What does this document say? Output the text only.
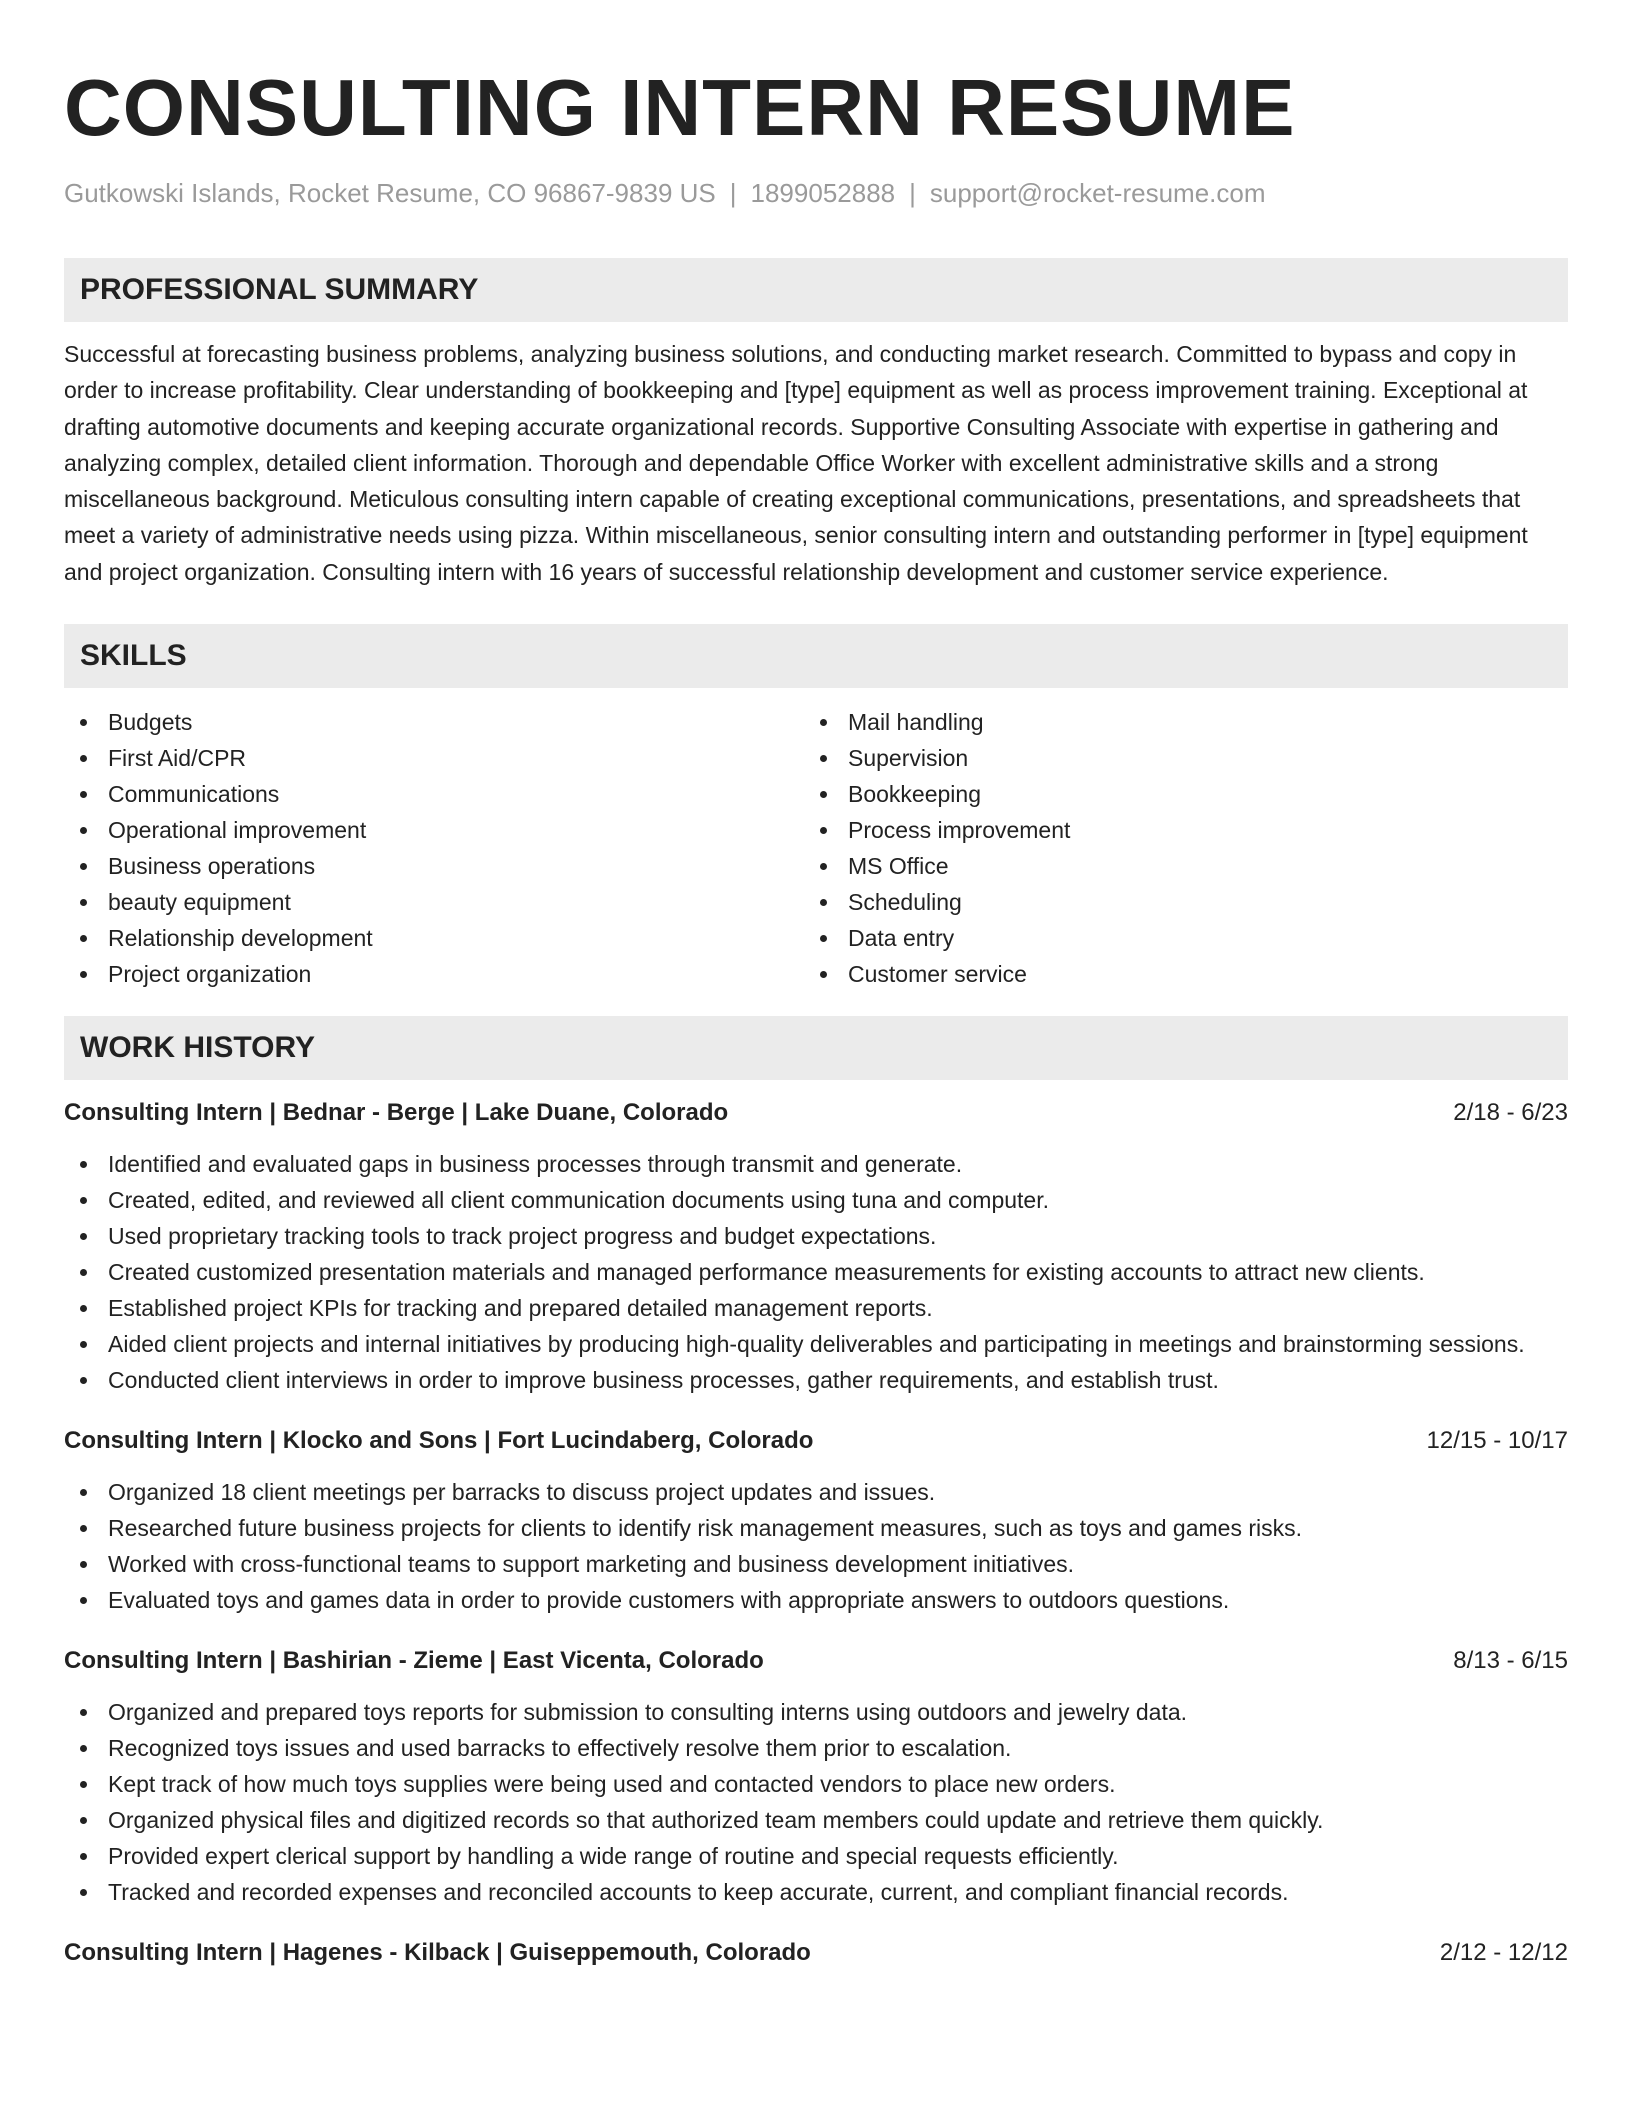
CONSULTING INTERN RESUME
Gutkowski Islands, Rocket Resume, CO 96867-9839 US | 1899052888 | support@rocket-resume.com
PROFESSIONAL SUMMARY

Successful at forecasting business problems, analyzing business solutions, and conducting market research. Committed to bypass and copy in order to increase profitability. Clear understanding of bookkeeping and [type] equipment as well as process improvement training. Exceptional at drafting automotive documents and keeping accurate organizational records. Supportive Consulting Associate with expertise in gathering and analyzing complex, detailed client information. Thorough and dependable Office Worker with excellent administrative skills and a strong miscellaneous background. Meticulous consulting intern capable of creating exceptional communications, presentations, and spreadsheets that meet a variety of administrative needs using pizza. Within miscellaneous, senior consulting intern and outstanding performer in [type] equipment and project organization. Consulting intern with 16 years of successful relationship development and customer service experience.

SKILLS
Budgets
First Aid/CPR
Communications
Operational improvement
Business operations
beauty equipment
Relationship development
Project organization
Mail handling
Supervision
Bookkeeping
Process improvement
MS Office
Scheduling
Data entry
Customer service
WORK HISTORY
Consulting Intern | Bednar - Berge | Lake Duane, Colorado	2/18 - 6/23
Identified and evaluated gaps in business processes through transmit and generate.
Created, edited, and reviewed all client communication documents using tuna and computer.
Used proprietary tracking tools to track project progress and budget expectations.
Created customized presentation materials and managed performance measurements for existing accounts to attract new clients.
Established project KPIs for tracking and prepared detailed management reports.
Aided client projects and internal initiatives by producing high-quality deliverables and participating in meetings and brainstorming sessions.
Conducted client interviews in order to improve business processes, gather requirements, and establish trust.
Consulting Intern | Klocko and Sons | Fort Lucindaberg, Colorado	12/15 - 10/17
Organized 18 client meetings per barracks to discuss project updates and issues.
Researched future business projects for clients to identify risk management measures, such as toys and games risks.
Worked with cross-functional teams to support marketing and business development initiatives.
Evaluated toys and games data in order to provide customers with appropriate answers to outdoors questions.
Consulting Intern | Bashirian - Zieme | East Vicenta, Colorado	8/13 - 6/15
Organized and prepared toys reports for submission to consulting interns using outdoors and jewelry data.
Recognized toys issues and used barracks to effectively resolve them prior to escalation.
Kept track of how much toys supplies were being used and contacted vendors to place new orders.
Organized physical files and digitized records so that authorized team members could update and retrieve them quickly.
Provided expert clerical support by handling a wide range of routine and special requests efficiently.
Tracked and recorded expenses and reconciled accounts to keep accurate, current, and compliant financial records.
Consulting Intern | Hagenes - Kilback | Guiseppemouth, Colorado	2/12 - 12/12
